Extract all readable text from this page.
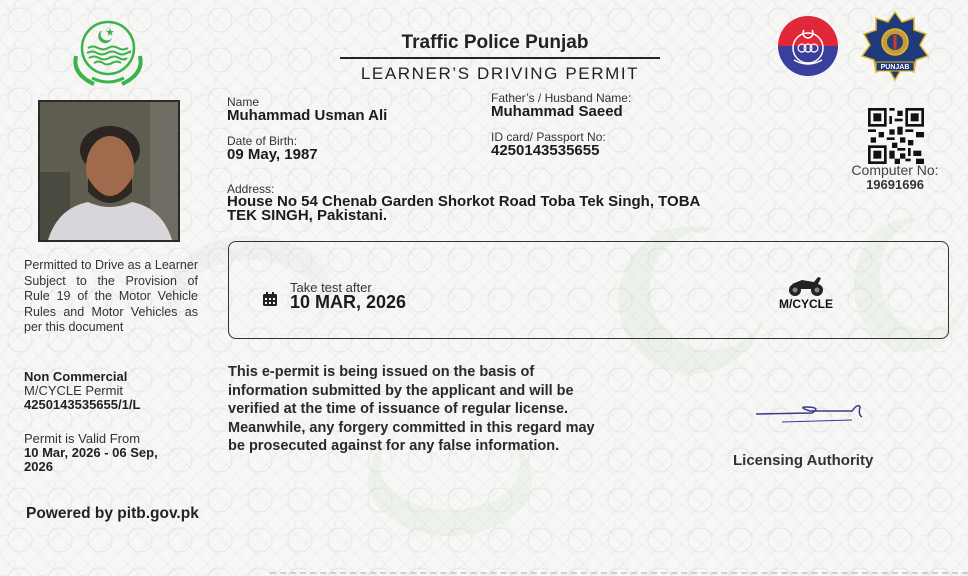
Traffic Police Punjab
LEARNER’S DRIVING PERMIT	PUNJAB
Computer No:
19691696
Name
Muhammad Usman Ali
Father’s / Husband Name:
Muhammad Saeed
Date of Birth:
09 May, 1987
ID card/ Passport No:
4250143535655
Address:
House No 54 Chenab Garden Shorkot Road Toba Tek Singh, TOBA
TEK SINGH, Pakistani.
Take test after
10 MAR, 2026	M/CYCLE
Permitted to Drive as a Learner Subject to the Provision of Rule 19 of the Motor Vehicle Rules and Motor Vehicles as per this document
Non Commercial
M/CYCLE Permit
4250143535655/1/L
Permit is Valid From
10 Mar, 2026 - 06 Sep,
2026
Powered by pitb.gov.pk
This e-permit is being issued on the basis of
information submitted by the applicant and will be
verified at the time of issuance of regular license.
Meanwhile, any forgery committed in this regard may
be prosecuted against for any false information.
Licensing Authority
